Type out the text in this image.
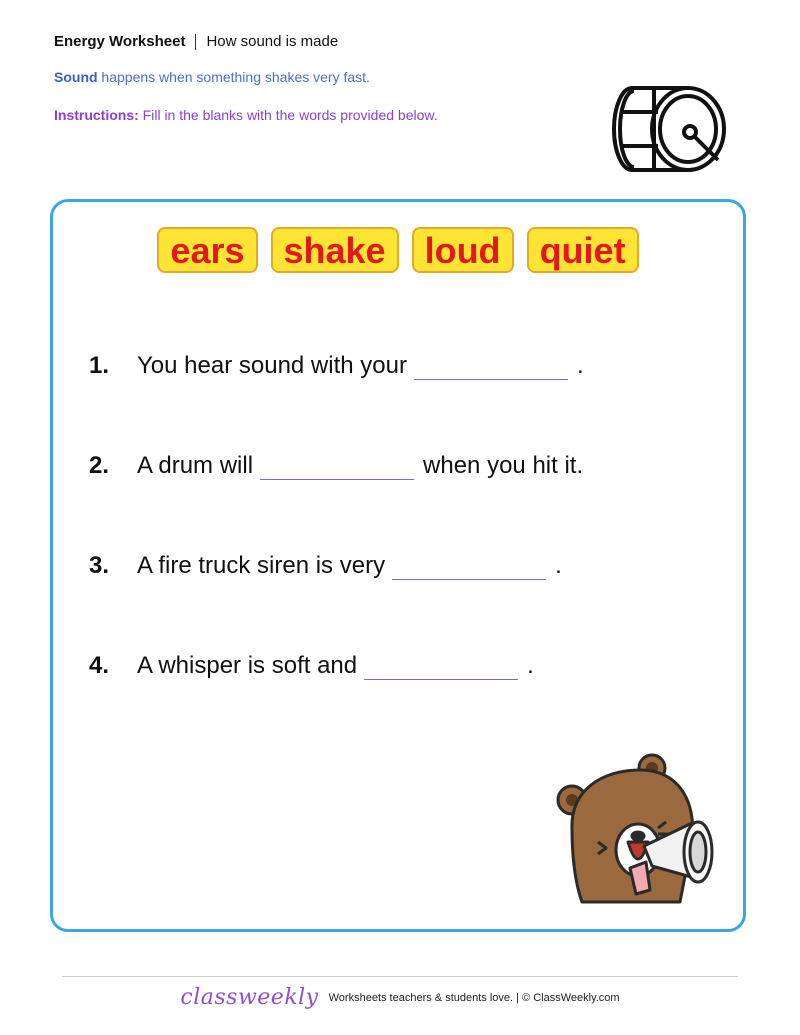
Energy Worksheet How sound is made
Sound happens when something shakes very fast.
Instructions: Fill in the blanks with the words provided below.
ears	shake	loud	quiet
1.	You hear sound with your	.
2.	A drum will	when you hit it.
3.	A fire truck siren is very	.
4.	A whisper is soft and	.
classweekly Worksheets teachers & students love. | © ClassWeekly.com
